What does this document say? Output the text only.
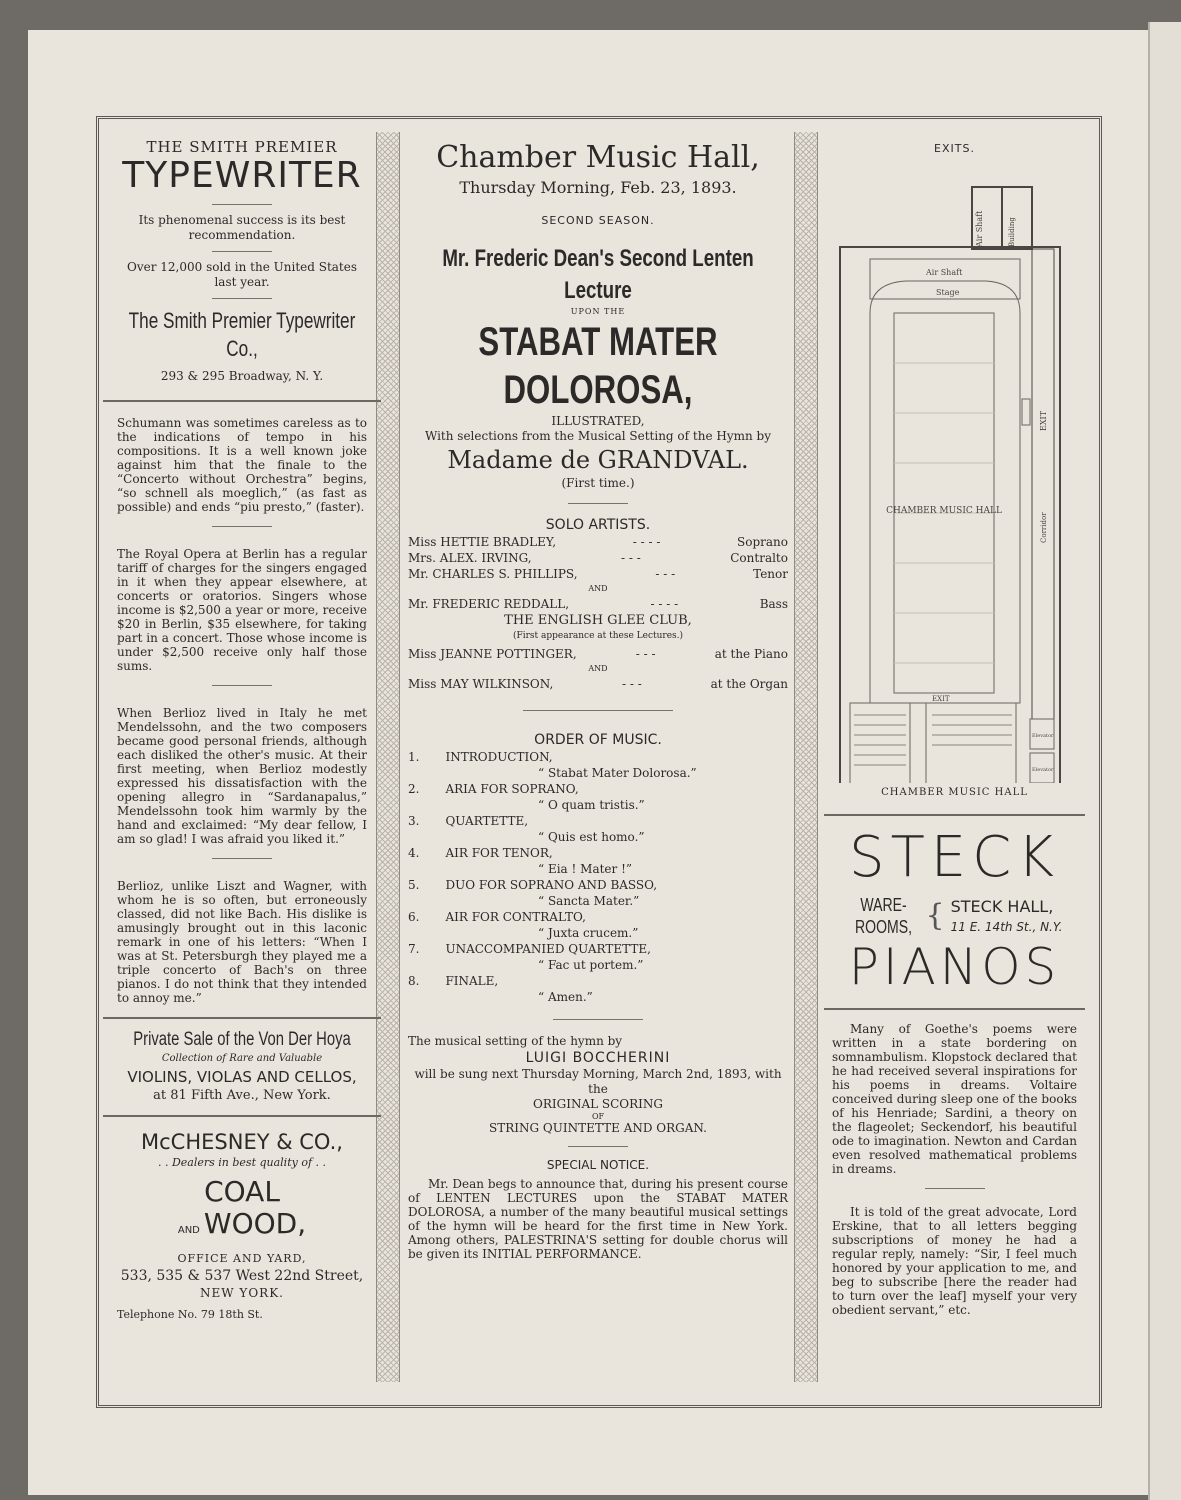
THE SMITH PREMIER
TYPEWRITER
Its phenomenal success is its best recommendation.
Over 12,000 sold in the United States last year.
The Smith Premier Typewriter Co.,
293 & 295 Broadway, N. Y.

Schumann was sometimes careless as to the indications of tempo in his compositions. It is a well known joke against him that the finale to the “Concerto without Orchestra” begins, “so schnell als moeglich,” (as fast as possible) and ends “piu presto,” (faster).

The Royal Opera at Berlin has a regular tariff of charges for the singers engaged in it when they appear elsewhere, at concerts or oratorios. Singers whose income is $2,500 a year or more, receive $20 in Berlin, $35 elsewhere, for taking part in a concert. Those whose income is under $2,500 receive only half those sums.

When Berlioz lived in Italy he met Mendelssohn, and the two composers became good personal friends, although each disliked the other's music. At their first meeting, when Berlioz modestly expressed his dissatisfaction with the opening allegro in “Sardanapalus,” Mendelssohn took him warmly by the hand and exclaimed: “My dear fellow, I am so glad! I was afraid you liked it.”

Berlioz, unlike Liszt and Wagner, with whom he is so often, but erroneously classed, did not like Bach. His dislike is amusingly brought out in this laconic remark in one of his letters: “When I was at St. Petersburgh they played me a triple concerto of Bach's on three pianos. I do not think that they intended to annoy me.”

Private Sale of the Von Der Hoya
Collection of Rare and Valuable
VIOLINS, VIOLAS AND CELLOS,
at 81 Fifth Ave., New York.
McCHESNEY & CO.,
. . Dealers in best quality of . .
COAL
AND WOOD,
OFFICE AND YARD,
533, 535 & 537 West 22nd Street,
NEW YORK.
Telephone No. 79 18th St.
Chamber Music Hall,
Thursday Morning, Feb. 23, 1893.
SECOND SEASON.
Mr. Frederic Dean's Second Lenten Lecture
UPON THE
STABAT MATER DOLOROSA,
ILLUSTRATED,
With selections from the Musical Setting of the Hymn by
Madame de GRANDVAL.
(First time.)
SOLO ARTISTS.
Miss HETTIE BRADLEY,	- - - -	Soprano
Mrs. ALEX. IRVING,	- - -	Contralto
Mr. CHARLES S. PHILLIPS,	- - -	Tenor
AND
Mr. FREDERIC REDDALL,	- - - -	Bass
THE ENGLISH GLEE CLUB,
(First appearance at these Lectures.)
Miss JEANNE POTTINGER,	- - -	at the Piano
AND
Miss MAY WILKINSON,	- - -	at the Organ
ORDER OF MUSIC.
1. INTRODUCTION,
“ Stabat Mater Dolorosa.”
2. ARIA FOR SOPRANO,
“ O quam tristis.”
3. QUARTETTE,
“ Quis est homo.”
4. AIR FOR TENOR,
“ Eia ! Mater !”
5. DUO FOR SOPRANO AND BASSO,
“ Sancta Mater.”
6. AIR FOR CONTRALTO,
“ Juxta crucem.”
7. UNACCOMPANIED QUARTETTE,
“ Fac ut portem.”
8. FINALE,
“ Amen.”
The musical setting of the hymn by
LUIGI BOCCHERINI
will be sung next Thursday Morning, March 2nd, 1893, with the
ORIGINAL SCORING
OF
STRING QUINTETTE AND ORGAN.
SPECIAL NOTICE.

Mr. Dean begs to announce that, during his present course of LENTEN LECTURES upon the STABAT MATER DOLOROSA, a number of the many beautiful musical settings of the hymn will be heard for the first time in New York. Among others, PALESTRINA'S setting for double chorus will be given its INITIAL PERFORMANCE.

EXITS.
Air Shaft	Building
Air Shaft
Stage
EXIT
CHAMBER MUSIC HALL
Corridor
EXIT
Elevator
Elevator
CHAMBER MUSIC HALL
STECK
WARE-
ROOMS, { STECK HALL,
11 E. 14th St., N.Y.
PIANOS

Many of Goethe's poems were written in a state bordering on somnambulism. Klopstock declared that he had received several inspirations for his poems in dreams. Voltaire conceived during sleep one of the books of his Henriade; Sardini, a theory on the flageolet; Seckendorf, his beautiful ode to imagination. Newton and Cardan even resolved mathematical problems in dreams.

It is told of the great advocate, Lord Erskine, that to all letters begging subscriptions of money he had a regular reply, namely: “Sir, I feel much honored by your application to me, and beg to subscribe [here the reader had to turn over the leaf] myself your very obedient servant,” etc.
